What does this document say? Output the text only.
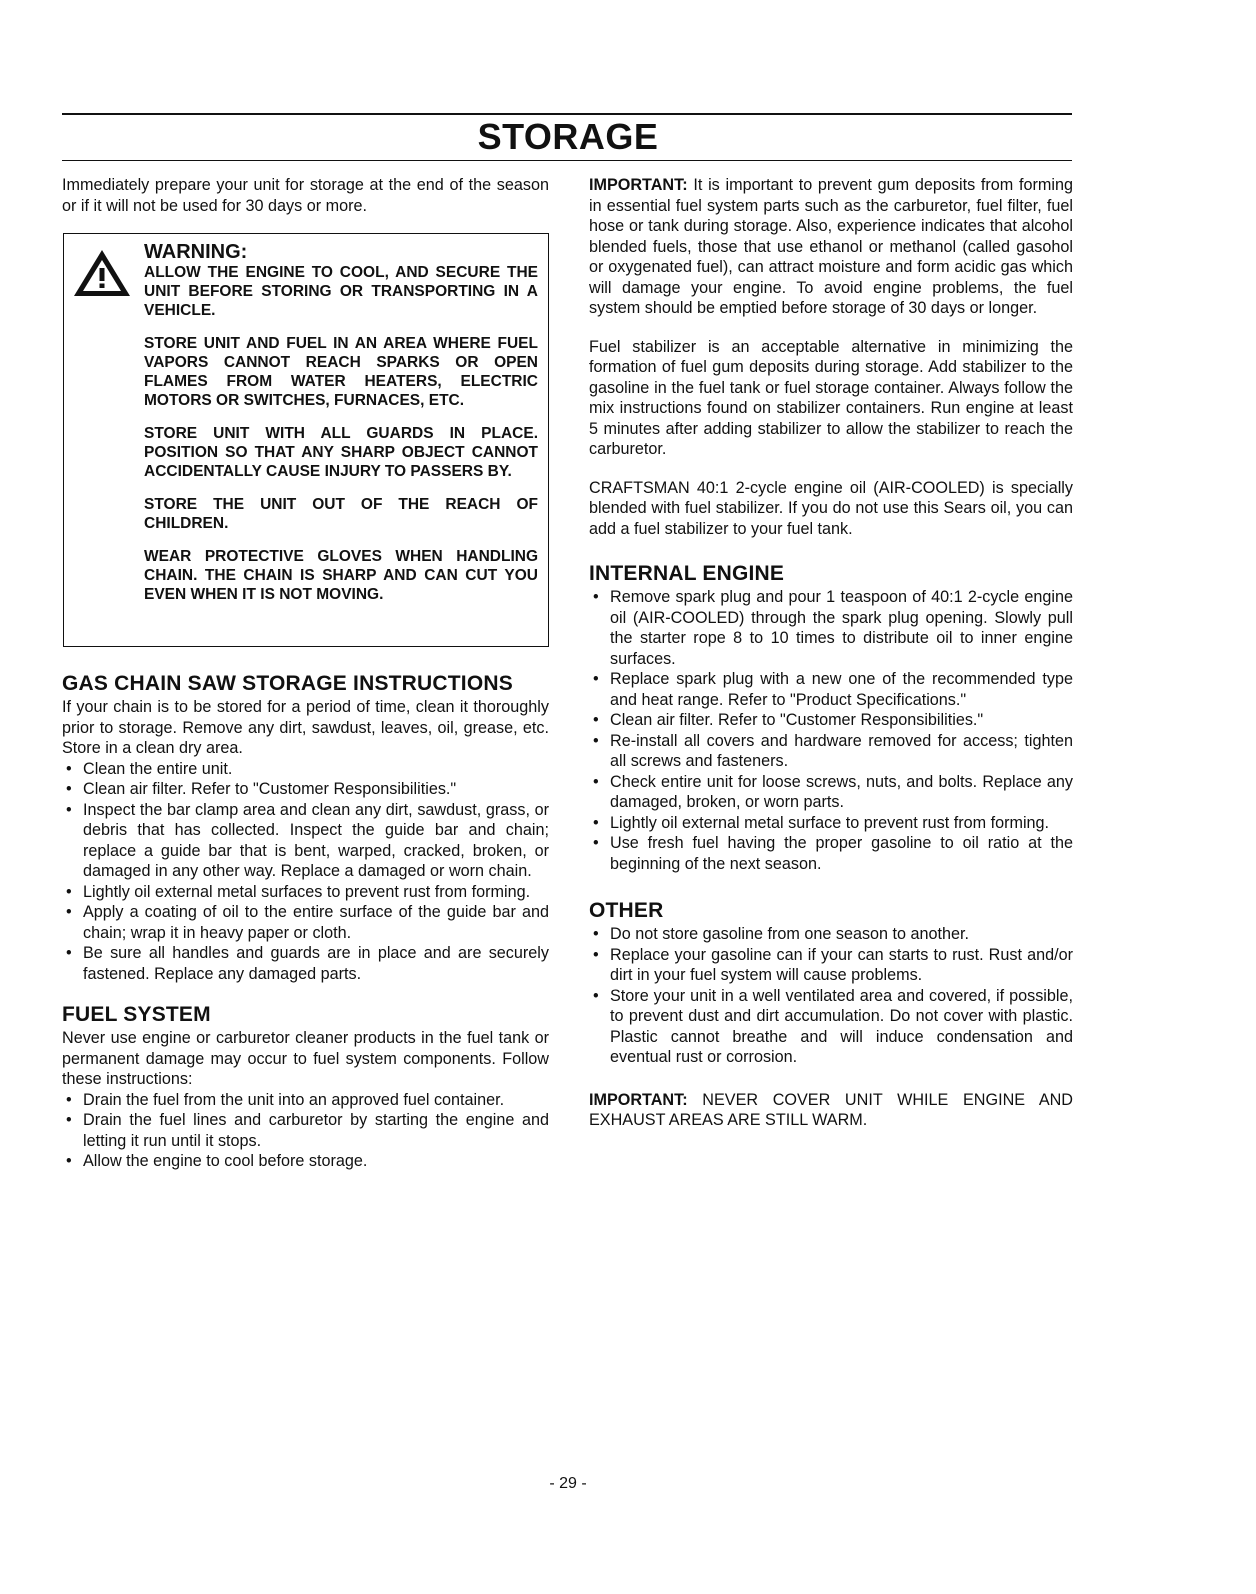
STORAGE

Immediately prepare your unit for storage at the end of the season or if it will not be used for 30 days or more.

WARNING:

ALLOW THE ENGINE TO COOL, AND SECURE THE UNIT BEFORE STORING OR TRANSPORTING IN A VEHICLE.

STORE UNIT AND FUEL IN AN AREA WHERE FUEL VAPORS CANNOT REACH SPARKS OR OPEN FLAMES FROM WATER HEATERS, ELECTRIC MOTORS OR SWITCHES, FURNACES, ETC.

STORE UNIT WITH ALL GUARDS IN PLACE. POSITION SO THAT ANY SHARP OBJECT CANNOT ACCIDENTALLY CAUSE INJURY TO PASSERS BY.

STORE THE UNIT OUT OF THE REACH OF CHILDREN.

WEAR PROTECTIVE GLOVES WHEN HANDLING CHAIN. THE CHAIN IS SHARP AND CAN CUT YOU EVEN WHEN IT IS NOT MOVING.

GAS CHAIN SAW STORAGE INSTRUCTIONS

If your chain is to be stored for a period of time, clean it thoroughly prior to storage. Remove any dirt, sawdust, leaves, oil, grease, etc. Store in a clean dry area.

• Clean the entire unit.
• Clean air filter. Refer to "Customer Responsibilities."
• Inspect the bar clamp area and clean any dirt, sawdust, grass, or debris that has collected. Inspect the guide bar and chain; replace a guide bar that is bent, warped, cracked, broken, or damaged in any other way. Replace a damaged or worn chain.
• Lightly oil external metal surfaces to prevent rust from forming.
• Apply a coating of oil to the entire surface of the guide bar and chain; wrap it in heavy paper or cloth.
• Be sure all handles and guards are in place and are securely fastened. Replace any damaged parts.
FUEL SYSTEM

Never use engine or carburetor cleaner products in the fuel tank or permanent damage may occur to fuel system components. Follow these instructions:

• Drain the fuel from the unit into an approved fuel container.
• Drain the fuel lines and carburetor by starting the engine and letting it run until it stops.
• Allow the engine to cool before storage.

IMPORTANT: It is important to prevent gum deposits from forming in essential fuel system parts such as the carburetor, fuel filter, fuel hose or tank during storage. Also, experience indicates that alcohol blended fuels, those that use ethanol or methanol (called gasohol or oxygenated fuel), can attract moisture and form acidic gas which will damage your engine. To avoid engine problems, the fuel system should be emptied before storage of 30 days or longer.

Fuel stabilizer is an acceptable alternative in minimizing the formation of fuel gum deposits during storage. Add stabilizer to the gasoline in the fuel tank or fuel storage container. Always follow the mix instructions found on stabilizer containers. Run engine at least 5 minutes after adding stabilizer to allow the stabilizer to reach the carburetor.

CRAFTSMAN 40:1 2-cycle engine oil (AIR-COOLED) is specially blended with fuel stabilizer. If you do not use this Sears oil, you can add a fuel stabilizer to your fuel tank.

INTERNAL ENGINE
• Remove spark plug and pour 1 teaspoon of 40:1 2-cycle engine oil (AIR-COOLED) through the spark plug opening. Slowly pull the starter rope 8 to 10 times to distribute oil to inner engine surfaces.
• Replace spark plug with a new one of the recommended type and heat range. Refer to "Product Specifications."
• Clean air filter. Refer to "Customer Responsibilities."
• Re-install all covers and hardware removed for access; tighten all screws and fasteners.
• Check entire unit for loose screws, nuts, and bolts. Replace any damaged, broken, or worn parts.
• Lightly oil external metal surface to prevent rust from forming.
• Use fresh fuel having the proper gasoline to oil ratio at the beginning of the next season.
OTHER
• Do not store gasoline from one season to another.
• Replace your gasoline can if your can starts to rust. Rust and/or dirt in your fuel system will cause problems.
• Store your unit in a well ventilated area and covered, if possible, to prevent dust and dirt accumulation. Do not cover with plastic. Plastic cannot breathe and will induce condensation and eventual rust or corrosion.

IMPORTANT: NEVER COVER UNIT WHILE ENGINE AND EXHAUST AREAS ARE STILL WARM.

- 29 -
